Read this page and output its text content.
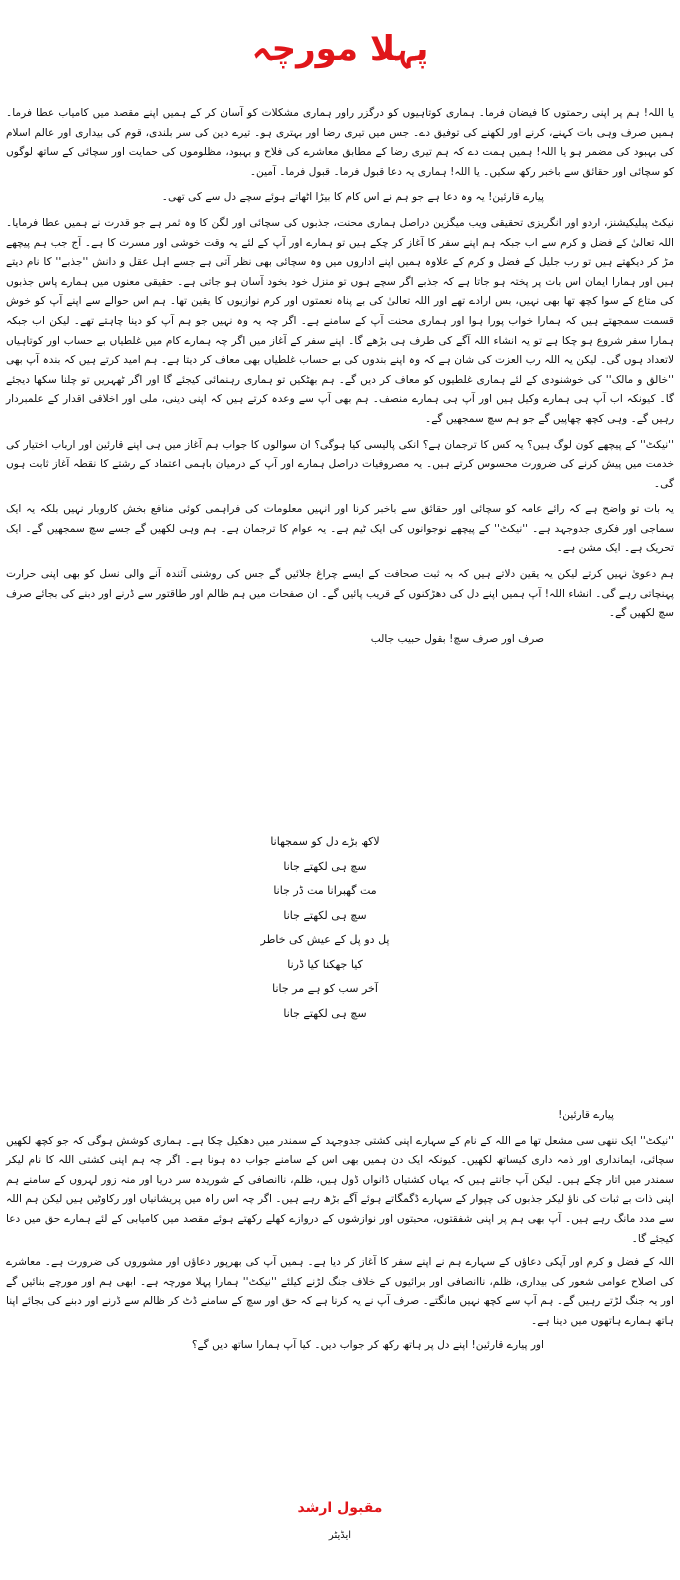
پہلا مورچہ

یا اللہ! ہم پر اپنی رحمتوں کا فیضان فرما۔ ہماری کوتاہیوں کو درگزر راور ہماری مشکلات کو آسان کر کے ہمیں اپنے مقصد میں کامیاب عطا فرما۔ ہمیں صرف وہی بات کہنے، کرنے اور لکھنے کی توفیق دے۔ جس میں تیری رضا اور بہتری ہو۔ تیرے دین کی سر بلندی، قوم کی بیداری اور عالم اسلام کی بہبود کی مضمر ہو یا اللہ! ہمیں ہمت دے کہ ہم تیری رضا کے مطابق معاشرے کی فلاح و بہبود، مظلوموں کی حمایت اور سچائی کے ساتھ لوگوں کو سچائی اور حقائق سے باخبر رکھ سکیں۔ یا اللہ! ہماری یہ دعا قبول فرما۔ قبول فرما۔ آمین۔

پیارے قارئین! یہ وہ دعا ہے جو ہم نے اس کام کا بیڑا اٹھاتے ہوئے سچے دل سے کی تھی۔

نیکٹ پبلیکیشنز، اردو اور انگریزی تحقیقی ویب میگزین دراصل ہماری محنت، جذبوں کی سچائی اور لگن کا وہ ثمر ہے جو قدرت نے ہمیں عطا فرمایا۔ اللہ تعالیٰ کے فضل و کرم سے اب جبکہ ہم اپنے سفر کا آغاز کر چکے ہیں تو ہمارے اور آپ کے لئے یہ وقت خوشی اور مسرت کا ہے۔ آج جب ہم پیچھے مڑ کر دیکھتے ہیں تو رب جلیل کے فضل و کرم کے علاوہ ہمیں اپنے اداروں میں وہ سچائی بھی نظر آتی ہے جسے اہل عقل و دانش ''جذبے'' کا نام دیتے ہیں اور ہمارا ایمان اس بات پر پختہ ہو جاتا ہے کہ جذبے اگر سچے ہوں تو منزل خود بخود آسان ہو جاتی ہے۔ حقیقی معنوں میں ہمارے پاس جذبوں کی متاع کے سوا کچھ تھا بھی نہیں، بس ارادے تھے اور اللہ تعالیٰ کی بے پناہ نعمتوں اور کرم نوازیوں کا یقین تھا۔ ہم اس حوالے سے اپنے آپ کو خوش قسمت سمجھتے ہیں کہ ہمارا خواب پورا ہوا اور ہماری محنت آپ کے سامنے ہے۔ اگر چہ یہ وہ نہیں جو ہم آپ کو دینا چاہتے تھے۔ لیکن اب جبکہ ہمارا سفر شروع ہو چکا ہے تو یہ انشاء اللہ آگے کی طرف ہی بڑھے گا۔ اپنے سفر کے آغاز میں اگر چہ ہمارے کام میں غلطیاں بے حساب اور کوتاہیاں لاتعداد ہوں گی۔ لیکن یہ اللہ رب العزت کی شان ہے کہ وہ اپنے بندوں کی بے حساب غلطیاں بھی معاف کر دیتا ہے۔ ہم امید کرتے ہیں کہ بندہ آپ بھی ''خالق و مالک'' کی خوشنودی کے لئے ہماری غلطیوں کو معاف کر دیں گے۔ ہم بھٹکیں تو ہماری رہنمائی کیجئے گا اور اگر ٹھہریں تو چلنا سکھا دیجئے گا۔ کیونکہ اب آپ ہی ہمارے وکیل ہیں اور آپ ہی ہمارے منصف۔ ہم بھی آپ سے وعدہ کرتے ہیں کہ اپنی دینی، ملی اور اخلاقی اقدار کے علمبردار رہیں گے۔ وہی کچھ چھاپیں گے جو ہم سچ سمجھیں گے۔

''نیکٹ'' کے پیچھے کون لوگ ہیں؟ یہ کس کا ترجمان ہے؟ انکی پالیسی کیا ہوگی؟ ان سوالوں کا جواب ہم آغاز میں ہی اپنے قارئین اور ارباب اختیار کی خدمت میں پیش کرنے کی ضرورت محسوس کرتے ہیں۔ یہ مصروفیات دراصل ہمارے اور آپ کے درمیان باہمی اعتماد کے رشتے کا نقطہ آغاز ثابت ہوں گی۔

یہ بات تو واضح ہے کہ رائے عامہ کو سچائی اور حقائق سے باخبر کرنا اور انہیں معلومات کی فراہمی کوئی منافع بخش کاروبار نہیں بلکہ یہ ایک سماجی اور فکری جدوجہد ہے۔ ''نیکٹ'' کے پیچھے نوجوانوں کی ایک ٹیم ہے۔ یہ عوام کا ترجمان ہے۔ ہم وہی لکھیں گے جسے سچ سمجھیں گے۔ ایک تحریک ہے۔ ایک مشن ہے۔

ہم دعویٰ نہیں کرتے لیکن یہ یقین دلاتے ہیں کہ بہ ثبت صحافت کے ایسے چراغ جلائیں گے جس کی روشنی آئندہ آنے والی نسل کو بھی اپنی حرارت پہنچاتی رہے گی۔ انشاء اللہ! آپ ہمیں اپنے دل کی دھڑکنوں کے قریب پائیں گے۔ ان صفحات میں ہم ظالم اور طاقتور سے ڈرنے اور دبنے کی بجائے صرف سچ لکھیں گے۔

صرف اور صرف سچ! بقول حبیب جالب

لاکھ بڑے دل کو سمجھانا
سچ ہی لکھتے جانا
مت گھبرانا مت ڈر جانا
سچ ہی لکھتے جانا
پل دو پل کے عیش کی خاطر
کیا جھکنا کیا ڈرنا
آخر سب کو ہے مر جانا
سچ ہی لکھتے جانا

پیارے قارئین!

''نیکٹ'' ایک ننھی سی مشعل تھا مے اللہ کے نام کے سہارے اپنی کشتی جدوجہد کے سمندر میں دھکیل چکا ہے۔ ہماری کوشش ہوگی کہ جو کچھ لکھیں سچائی، ایمانداری اور ذمہ داری کیساتھ لکھیں۔ کیونکہ ایک دن ہمیں بھی اس کے سامنے جواب دہ ہونا ہے۔ اگر چہ ہم اپنی کشتی اللہ کا نام لیکر سمندر میں اتار چکے ہیں۔ لیکن آپ جانتے ہیں کہ یہاں کشتیاں ڈانواں ڈول ہیں، ظلم، ناانصافی کے شوریدہ سر دریا اور منہ زور لہروں کے سامنے ہم اپنی ذات بے ثبات کی ناؤ لیکر جذبوں کی چپوار کے سہارے ڈگمگاتے ہوئے آگے بڑھ رہے ہیں۔ اگر چہ اس راہ میں پریشانیاں اور رکاوٹیں ہیں لیکن ہم اللہ سے مدد مانگ رہے ہیں۔ آپ بھی ہم پر اپنی شفقتوں، محبتوں اور نوازشوں کے دروازے کھلے رکھتے ہوئے مقصد میں کامیابی کے لئے ہمارے حق میں دعا کیجئے گا۔

اللہ کے فضل و کرم اور آپکی دعاؤں کے سہارے ہم نے اپنے سفر کا آغاز کر دیا ہے۔ ہمیں آپ کی بھرپور دعاؤں اور مشوروں کی ضرورت ہے۔ معاشرے کی اصلاح عوامی شعور کی بیداری، ظلم، ناانصافی اور برائیوں کے خلاف جنگ لڑنے کیلئے ''نیکٹ'' ہمارا پہلا مورچہ ہے۔ ابھی ہم اور مورچے بنائیں گے اور یہ جنگ لڑتے رہیں گے۔ ہم آپ سے کچھ نہیں مانگتے۔ صرف آپ نے یہ کرنا ہے کہ حق اور سچ کے سامنے ڈٹ کر ظالم سے ڈرنے اور دبنے کی بجائے اپنا ہاتھ ہمارے ہاتھوں میں دینا ہے۔

اور پیارے قارئین! اپنے دل پر ہاتھ رکھ کر جواب دیں۔ کیا آپ ہمارا ساتھ دیں گے؟

مقبول ارشد
ایڈیٹر
